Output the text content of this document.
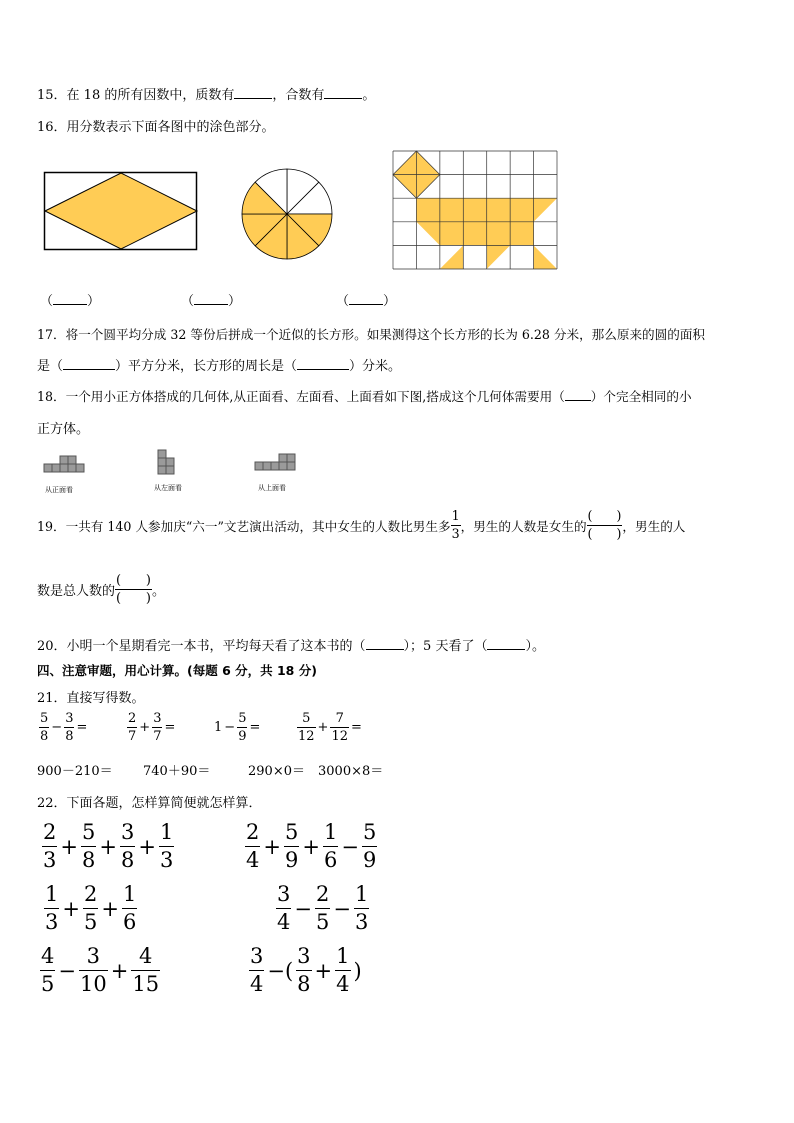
15．在 18 的所有因数中，质数有	，合数有	。
16．用分数表示下面各图中的涂色部分。
（	）	（	）	（	）
17．将一个圆平均分成 32 等份后拼成一个近似的长方形。如果测得这个长方形的长为 6.28 分米，那么原来的圆的面积
是（	）平方分米，长方形的周长是（	）分米。
18．一个用小正方体搭成的几何体,从正面看、左面看、上面看如下图,搭成这个几何体需要用（ ）个完全相同的小
正方体。
从正面看	从左面看	从上面看
19．一共有 140 人参加庆“六一”文艺演出活动，其中女生的人数比男生多 $\frac{1}{3}$ ，男生的人数是女生的 $\frac{( )}{( )}$ ，男生的人
数是总人数的 $\frac{( )}{( )}$ 。
20．小明一个星期看完一本书，平均每天看了这本书的（	）；5 天看了（	）。
四、注意审题，用心计算。(每题 6 分，共 18 分)
21．直接写得数。
$\frac{5}{8} - \frac{3}{8}$ =	$\frac{2}{7} + \frac{3}{7}$ =	$1 - \frac{5}{9}$ =	$\frac{5}{12} + \frac{7}{12}$ =
900－210＝ 740＋90＝	290×0＝ 3000×8＝
22．下面各题，怎样算简便就怎样算．
$\frac{2}{3} + \frac{5}{8} + \frac{3}{8} + \frac{1}{3}$	$\frac{2}{4} + \frac{5}{9} + \frac{1}{6} - \frac{5}{9}$
$\frac{1}{3} + \frac{2}{5} + \frac{1}{6}$	$\frac{3}{4} - \frac{2}{5} - \frac{1}{3}$
$\frac{4}{5} - \frac{3}{10} + \frac{4}{15}$	$\frac{3}{4}$ −( $\frac{3}{8} + \frac{1}{4}$ )
